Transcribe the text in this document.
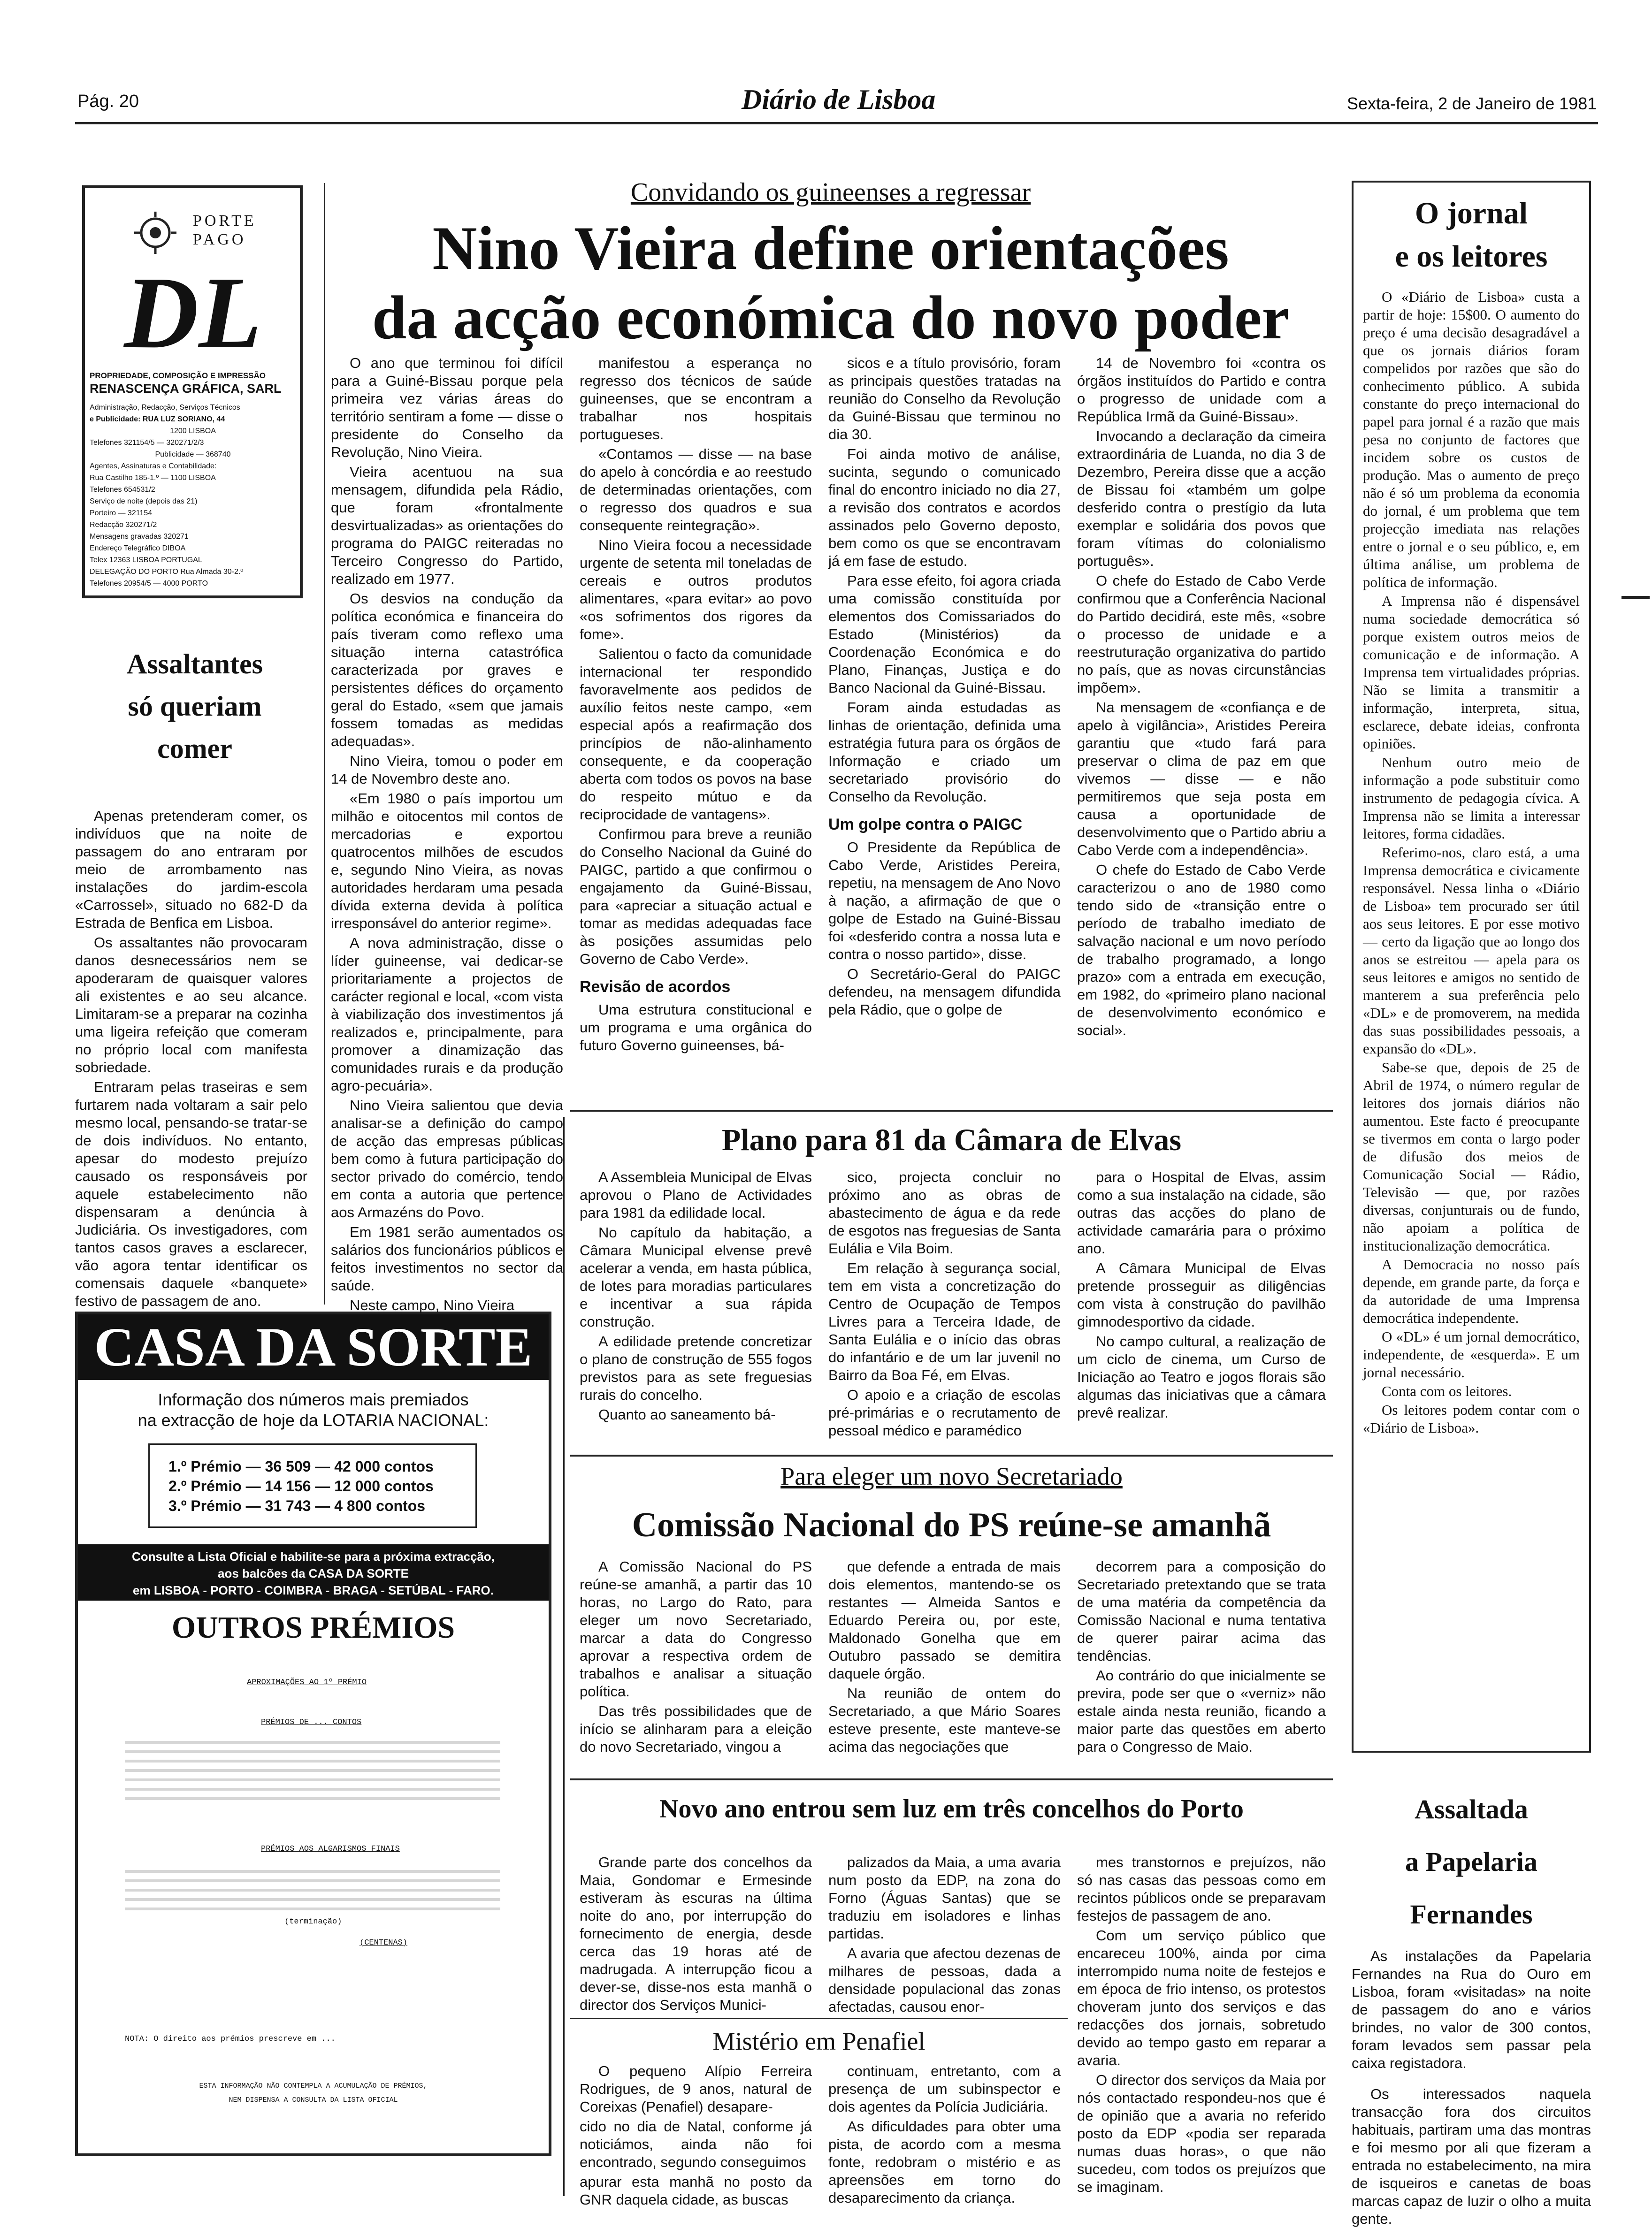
Pág. 20	Diário de Lisboa	Sexta-feira, 2 de Janeiro de 1981
PORTE PAGO
DL
PROPRIEDADE, COMPOSIÇÃO E IMPRESSÃO
RENASCENÇA GRÁFICA, SARL
Administração, Redacção, Serviços Técnicos
e Publicidade: RUA LUZ SORIANO, 44
1200 LISBOA
Telefones 321154/5 — 320271/2/3
Publicidade — 368740
Agentes, Assinaturas e Contabilidade:
Rua Castilho 185-1.º — 1100 LISBOA
Telefones 654531/2
Serviço de noite (depois das 21)
Porteiro — 321154
Redacção 320271/2
Mensagens gravadas 320271
Endereço Telegráfico DIBOA
Telex 12363 LISBOA PORTUGAL
DELEGAÇÃO DO PORTO Rua Almada 30-2.º
Telefones 20954/5 — 4000 PORTO
Assaltantes
só queriam
comer

Apenas pretenderam comer, os indivíduos que na noite de passagem do ano entraram por meio de arrombamento nas instalações do jardim-escola «Carrossel», situado no 682-D da Estrada de Benfica em Lisboa.

Os assaltantes não provocaram danos desnecessários nem se apoderaram de quaisquer valores ali existentes e ao seu alcance. Limitaram-se a preparar na cozinha uma ligeira refeição que comeram no próprio local com manifesta sobriedade.

Entraram pelas traseiras e sem furtarem nada voltaram a sair pelo mesmo local, pensando-se tratar-se de dois indivíduos. No entanto, apesar do modesto prejuízo causado os responsáveis por aquele estabelecimento não dispensaram a denúncia à Judiciária. Os investigadores, com tantos casos graves a esclarecer, vão agora tentar identificar os comensais daquele «banquete» festivo de passagem de ano.

CASA DA SORTE
Informação dos números mais premiados
na extracção de hoje da LOTARIA NACIONAL:
1.º Prémio — 36 509 — 42 000 contos
2.º Prémio — 14 156 — 12 000 contos
3.º Prémio — 31 743 — 4 800 contos
Consulte a Lista Oficial e habilite-se para a próxima extracção,
aos balcões da CASA DA SORTE
em LISBOA - PORTO - COIMBRA - BRAGA - SETÚBAL - FARO.
OUTROS PRÉMIOS
APROXIMAÇÕES AO 1º PRÉMIO
PRÉMIOS DE ... CONTOS
PRÉMIOS AOS ALGARISMOS FINAIS
(terminação)
(CENTENAS)
NOTA: O direito aos prémios prescreve em ...
ESTA INFORMAÇÃO NÃO CONTEMPLA A ACUMULAÇÃO DE PRÉMIOS,
NEM DISPENSA A CONSULTA DA LISTA OFICIAL
Convidando os guineenses a regressar
Nino Vieira define orientações
da acção económica do novo poder

O ano que terminou foi difícil para a Guiné-Bissau porque pela primeira vez várias áreas do território sentiram a fome — disse o presidente do Conselho da Revolução, Nino Vieira.

Vieira acentuou na sua mensagem, difundida pela Rádio, que foram «frontalmente desvirtualizadas» as orientações do programa do PAIGC reiteradas no Terceiro Congresso do Partido, realizado em 1977.

Os desvios na condução da política económica e financeira do país tiveram como reflexo uma situação interna catastrófica caracterizada por graves e persistentes défices do orçamento geral do Estado, «sem que jamais fossem tomadas as medidas adequadas».

Nino Vieira, tomou o poder em 14 de Novembro deste ano.

«Em 1980 o país importou um milhão e oitocentos mil contos de mercadorias e exportou quatrocentos milhões de escudos e, segundo Nino Vieira, as novas autoridades herdaram uma pesada dívida externa devida à política irresponsável do anterior regime».

A nova administração, disse o líder guineense, vai dedicar-se prioritariamente a projectos de carácter regional e local, «com vista à viabilização dos investimentos já realizados e, principalmente, para promover a dinamização das comunidades rurais e da produção agro-pecuária».

Nino Vieira salientou que devia analisar-se a definição do campo de acção das empresas públicas bem como à futura participação do sector privado do comércio, tendo em conta a autoria que pertence aos Armazéns do Povo.

Em 1981 serão aumentados os salários dos funcionários públicos e feitos investimentos no sector da saúde.

Neste campo, Nino Vieira

manifestou a esperança no regresso dos técnicos de saúde guineenses, que se encontram a trabalhar nos hospitais portugueses.

«Contamos — disse — na base do apelo à concórdia e ao reestudo de determinadas orientações, com o regresso dos quadros e sua consequente reintegração».

Nino Vieira focou a necessidade urgente de setenta mil toneladas de cereais e outros produtos alimentares, «para evitar» ao povo «os sofrimentos dos rigores da fome».

Salientou o facto da comunidade internacional ter respondido favoravelmente aos pedidos de auxílio feitos neste campo, «em especial após a reafirmação dos princípios de não-alinhamento consequente, e da cooperação aberta com todos os povos na base do respeito mútuo e da reciprocidade de vantagens».

Confirmou para breve a reunião do Conselho Nacional da Guiné do PAIGC, partido a que confirmou o engajamento da Guiné-Bissau, para «apreciar a situação actual e tomar as medidas adequadas face às posições assumidas pelo Governo de Cabo Verde».

Revisão de acordos

Uma estrutura constitucional e um programa e uma orgânica do futuro Governo guineenses, bá-

sicos e a título provisório, foram as principais questões tratadas na reunião do Conselho da Revolução da Guiné-Bissau que terminou no dia 30.

Foi ainda motivo de análise, sucinta, segundo o comunicado final do encontro iniciado no dia 27, a revisão dos contratos e acordos assinados pelo Governo deposto, bem como os que se encontravam já em fase de estudo.

Para esse efeito, foi agora criada uma comissão constituída por elementos dos Comissariados do Estado (Ministérios) da Coordenação Económica e do Plano, Finanças, Justiça e do Banco Nacional da Guiné-Bissau.

Foram ainda estudadas as linhas de orientação, definida uma estratégia futura para os órgãos de Informação e criado um secretariado provisório do Conselho da Revolução.

Um golpe contra o PAIGC

O Presidente da República de Cabo Verde, Aristides Pereira, repetiu, na mensagem de Ano Novo à nação, a afirmação de que o golpe de Estado na Guiné-Bissau foi «desferido contra a nossa luta e contra o nosso partido», disse.

O Secretário-Geral do PAIGC defendeu, na mensagem difundida pela Rádio, que o golpe de

14 de Novembro foi «contra os órgãos instituídos do Partido e contra o progresso de unidade com a República Irmã da Guiné-Bissau».

Invocando a declaração da cimeira extraordinária de Luanda, no dia 3 de Dezembro, Pereira disse que a acção de Bissau foi «também um golpe desferido contra o prestígio da luta exemplar e solidária dos povos que foram vítimas do colonialismo português».

O chefe do Estado de Cabo Verde confirmou que a Conferência Nacional do Partido decidirá, este mês, «sobre o processo de unidade e a reestruturação organizativa do partido no país, que as novas circunstâncias impõem».

Na mensagem de «confiança e de apelo à vigilância», Aristides Pereira garantiu que «tudo fará para preservar o clima de paz em que vivemos — disse — e não permitiremos que seja posta em causa a oportunidade de desenvolvimento que o Partido abriu a Cabo Verde com a independência».

O chefe do Estado de Cabo Verde caracterizou o ano de 1980 como tendo sido de «transição entre o período de trabalho imediato de salvação nacional e um novo período de trabalho programado, a longo prazo» com a entrada em execução, em 1982, do «primeiro plano nacional de desenvolvimento económico e social».

Plano para 81 da Câmara de Elvas

A Assembleia Municipal de Elvas aprovou o Plano de Actividades para 1981 da edilidade local.

No capítulo da habitação, a Câmara Municipal elvense prevê acelerar a venda, em hasta pública, de lotes para moradias particulares e incentivar a sua rápida construção.

A edilidade pretende concretizar o plano de construção de 555 fogos previstos para as sete freguesias rurais do concelho.

Quanto ao saneamento bá-

sico, projecta concluir no próximo ano as obras de abastecimento de água e da rede de esgotos nas freguesias de Santa Eulália e Vila Boim.

Em relação à segurança social, tem em vista a concretização do Centro de Ocupação de Tempos Livres para a Terceira Idade, de Santa Eulália e o início das obras do infantário e de um lar juvenil no Bairro da Boa Fé, em Elvas.

O apoio e a criação de escolas pré-primárias e o recrutamento de pessoal médico e paramédico

para o Hospital de Elvas, assim como a sua instalação na cidade, são outras das acções do plano de actividade camarária para o próximo ano.

A Câmara Municipal de Elvas pretende prosseguir as diligências com vista à construção do pavilhão gimnodesportivo da cidade.

No campo cultural, a realização de um ciclo de cinema, um Curso de Iniciação ao Teatro e jogos florais são algumas das iniciativas que a câmara prevê realizar.

Para eleger um novo Secretariado
Comissão Nacional do PS reúne-se amanhã

A Comissão Nacional do PS reúne-se amanhã, a partir das 10 horas, no Largo do Rato, para eleger um novo Secretariado, marcar a data do Congresso aprovar a respectiva ordem de trabalhos e analisar a situação política.

Das três possibilidades que de início se alinharam para a eleição do novo Secretariado, vingou a

que defende a entrada de mais dois elementos, mantendo-se os restantes — Almeida Santos e Eduardo Pereira ou, por este, Maldonado Gonelha que em Outubro passado se demitira daquele órgão.

Na reunião de ontem do Secretariado, a que Mário Soares esteve presente, este manteve-se acima das negociações que

decorrem para a composição do Secretariado pretextando que se trata de uma matéria da competência da Comissão Nacional e numa tentativa de querer pairar acima das tendências.

Ao contrário do que inicialmente se previra, pode ser que o «verniz» não estale ainda nesta reunião, ficando a maior parte das questões em aberto para o Congresso de Maio.

Novo ano entrou sem luz em três concelhos do Porto

Grande parte dos concelhos da Maia, Gondomar e Ermesinde estiveram às escuras na última noite do ano, por interrupção do fornecimento de energia, desde cerca das 19 horas até de madrugada. A interrupção ficou a dever-se, disse-nos esta manhã o director dos Serviços Munici-

palizados da Maia, a uma avaria num posto da EDP, na zona do Forno (Águas Santas) que se traduziu em isoladores e linhas partidas.

A avaria que afectou dezenas de milhares de pessoas, dada a densidade populacional das zonas afectadas, causou enor-

mes transtornos e prejuízos, não só nas casas das pessoas como em recintos públicos onde se preparavam festejos de passagem de ano.

Com um serviço público que encareceu 100%, ainda por cima interrompido numa noite de festejos e em época de frio intenso, os protestos choveram junto dos serviços e das redacções dos jornais, sobretudo devido ao tempo gasto em reparar a avaria.

O director dos serviços da Maia por nós contactado respondeu-nos que é de opinião que a avaria no referido posto da EDP «podia ser reparada numas duas horas», o que não sucedeu, com todos os prejuízos que se imaginam.

Mistério em Penafiel

O pequeno Alípio Ferreira Rodrigues, de 9 anos, natural de Coreixas (Penafiel) desapare-

cido no dia de Natal, conforme já noticiámos, ainda não foi encontrado, segundo conseguimos

apurar esta manhã no posto da GNR daquela cidade, as buscas

continuam, entretanto, com a presença de um subinspector e dois agentes da Polícia Judiciária.

As dificuldades para obter uma pista, de acordo com a mesma fonte, redobram o mistério e as apreensões em torno do desaparecimento da criança.

O jornal
e os leitores

O «Diário de Lisboa» custa a partir de hoje: 15$00. O aumento do preço é uma decisão desagradável a que os jornais diários foram compelidos por razões que são do conhecimento público. A subida constante do preço internacional do papel para jornal é a razão que mais pesa no conjunto de factores que incidem sobre os custos de produção. Mas o aumento de preço não é só um problema da economia do jornal, é um problema que tem projecção imediata nas relações entre o jornal e o seu público, e, em última análise, um problema de política de informação.

A Imprensa não é dispensável numa sociedade democrática só porque existem outros meios de comunicação e de informação. A Imprensa tem virtualidades próprias. Não se limita a transmitir a informação, interpreta, situa, esclarece, debate ideias, confronta opiniões.

Nenhum outro meio de informação a pode substituir como instrumento de pedagogia cívica. A Imprensa não se limita a interessar leitores, forma cidadães.

Referimo-nos, claro está, a uma Imprensa democrática e civicamente responsável. Nessa linha o «Diário de Lisboa» tem procurado ser útil aos seus leitores. E por esse motivo — certo da ligação que ao longo dos anos se estreitou — apela para os seus leitores e amigos no sentido de manterem a sua preferência pelo «DL» e de promoverem, na medida das suas possibilidades pessoais, a expansão do «DL».

Sabe-se que, depois de 25 de Abril de 1974, o número regular de leitores dos jornais diários não aumentou. Este facto é preocupante se tivermos em conta o largo poder de difusão dos meios de Comunicação Social — Rádio, Televisão — que, por razões diversas, conjunturais ou de fundo, não apoiam a política de institucionalização democrática.

A Democracia no nosso país depende, em grande parte, da força e da autoridade de uma Imprensa democrática independente.

O «DL» é um jornal democrático, independente, de «esquerda». E um jornal necessário.

Conta com os leitores.

Os leitores podem contar com o «Diário de Lisboa».

Assaltada
a Papelaria
Fernandes

As instalações da Papelaria Fernandes na Rua do Ouro em Lisboa, foram «visitadas» na noite de passagem do ano e vários brindes, no valor de 300 contos, foram levados sem passar pela caixa registadora.

Os interessados naquela transacção fora dos circuitos habituais, partiram uma das montras e foi mesmo por ali que fizeram a entrada no estabelecimento, na mira de isqueiros e canetas de boas marcas capaz de luzir o olho a muita gente.
